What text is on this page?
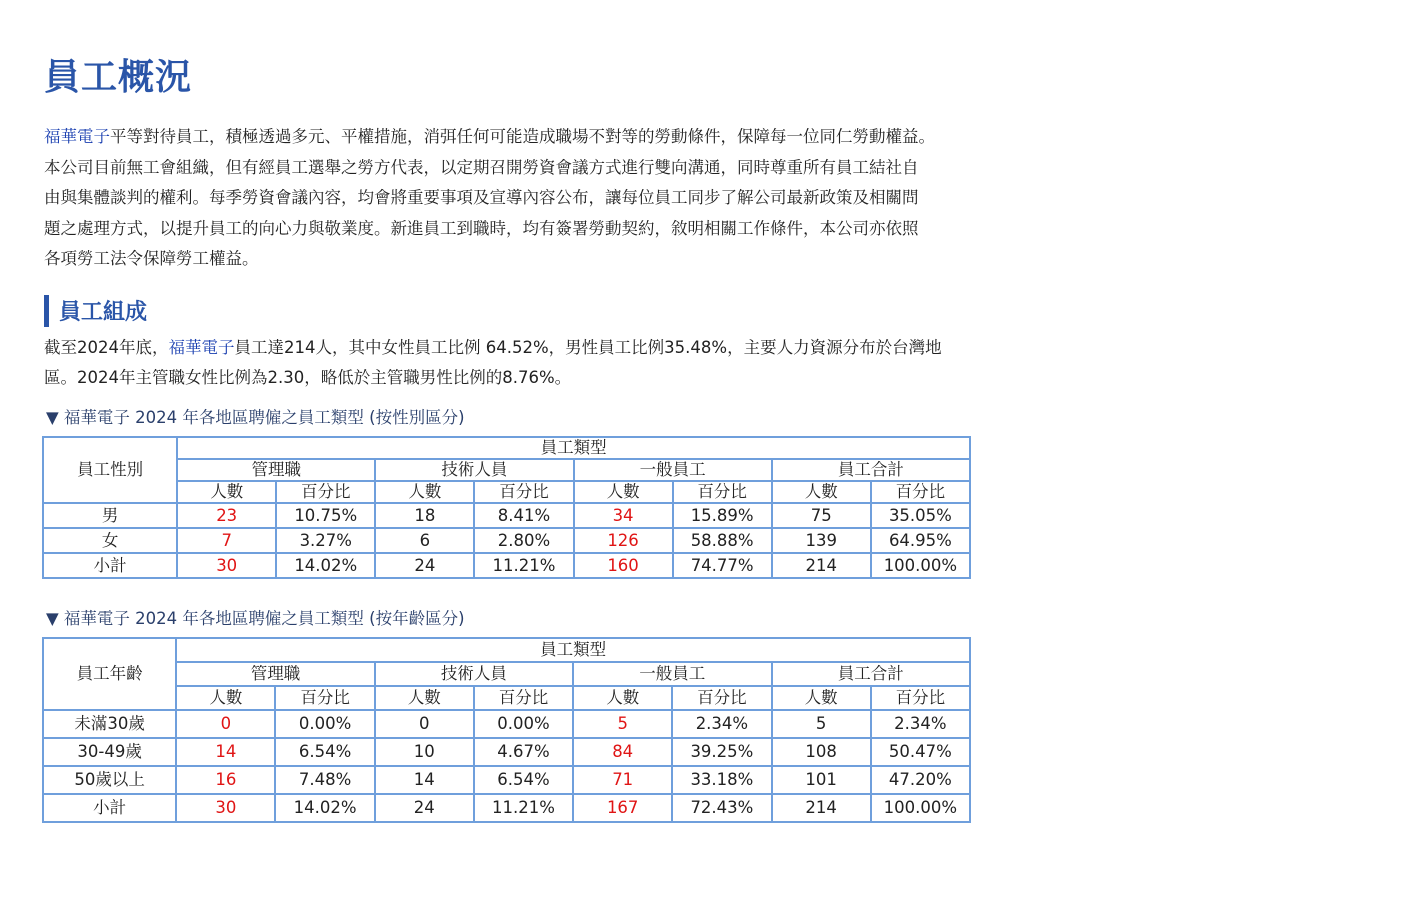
員工概況

福華電子平等對待員工，積極透過多元、平權措施，消弭任何可能造成職場不對等的勞動條件，保障每一位同仁勞動權益。
本公司目前無工會組織，但有經員工選舉之勞方代表，以定期召開勞資會議方式進行雙向溝通，同時尊重所有員工結社自
由與集體談判的權利。每季勞資會議內容，均會將重要事項及宣導內容公布，讓每位員工同步了解公司最新政策及相關問
題之處理方式，以提升員工的向心力與敬業度。新進員工到職時，均有簽署勞動契約，敘明相關工作條件，本公司亦依照
各項勞工法令保障勞工權益。

員工組成

截至2024年底，福華電子員工達214人，其中女性員工比例 64.52%，男性員工比例35.48%，主要人力資源分布於台灣地
區。2024年主管職女性比例為2.30，略低於主管職男性比例的8.76%。

▼ 福華電子 2024 年各地區聘僱之員工類型 (按性別區分)
員工性別	員工類型							
	管理職		技術人員		一般員工		員工合計	
	人數	百分比	人數	百分比	人數	百分比	人數	百分比
男	23	10.75%	18	8.41%	34	15.89%	75	35.05%
女	7	3.27%	6	2.80%	126	58.88%	139	64.95%
小計	30	14.02%	24	11.21%	160	74.77%	214	100.00%
▼ 福華電子 2024 年各地區聘僱之員工類型 (按年齡區分)
員工年齡	員工類型							
	管理職		技術人員		一般員工		員工合計	
	人數	百分比	人數	百分比	人數	百分比	人數	百分比
未滿30歲	0	0.00%	0	0.00%	5	2.34%	5	2.34%
30-49歲	14	6.54%	10	4.67%	84	39.25%	108	50.47%
50歲以上	16	7.48%	14	6.54%	71	33.18%	101	47.20%
小計	30	14.02%	24	11.21%	167	72.43%	214	100.00%
